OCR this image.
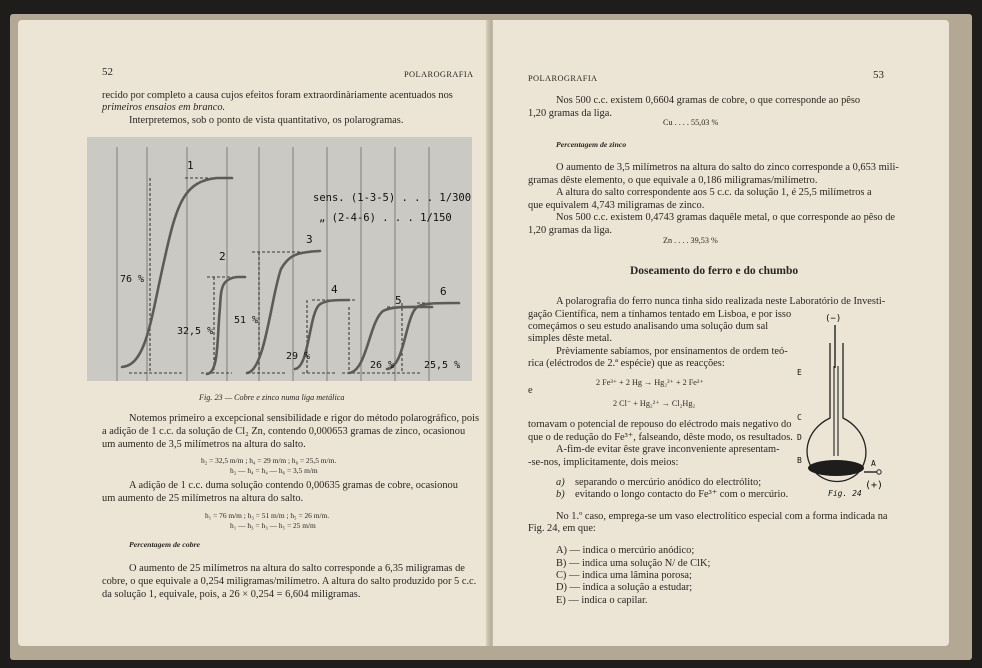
52	POLAROGRAFIA
recido por completo a causa cujos efeitos foram extraordinàriamente acentuados nos
primeiros ensaios em branco.
Interpretemos, sob o ponto de vista quantitativo, os polarogramas.
1
2
3
4
5
6
76 %
32,5 %
51 %
29 %
26 %	25,5 %
sens. (1-3-5) . . . 1/300
„ (2-4-6) . . . 1/150
Fig. 23 — Cobre e zinco numa liga metálica
Notemos primeiro a excepcional sensibilidade e rigor do método polarográfico, pois
a adição de 1 c.c. da solução de Cl₂ Zn, contendo 0,000653 gramas de zinco, ocasionou
um aumento de 3,5 milímetros na altura do salto.
h₂ = 32,5 m/m ; h₄ = 29 m/m ; h₆ = 25,5 m/m.
h₂ — h₄ = h₄ — h₆ = 3,5 m/m
A adição de 1 c.c. duma solução contendo 0,00635 gramas de cobre, ocasionou
um aumento de 25 milímetros na altura do salto.
h₁ = 76 m/m ; h₃ = 51 m/m ; h₅ = 26 m/m.
h₁ — h₃ = h₃ — h₅ = 25 m/m
Percentagem de cobre
O aumento de 25 milímetros na altura do salto corresponde a 6,35 miligramas de
cobre, o que equivale a 0,254 miligramas/milímetro. A altura do salto produzido por 5 c.c.
da solução 1, equivale, pois, a 26 × 0,254 = 6,604 miligramas.
POLAROGRAFIA	53
Nos 500 c.c. existem 0,6604 gramas de cobre, o que corresponde ao pêso
1,20 gramas da liga.
Cu . . . . 55,03 %
Percentagem de zinco
O aumento de 3,5 milímetros na altura do salto do zinco corresponde a 0,653 mili-
gramas dêste elemento, o que equivale a 0,186 miligramas/milímetro.
A altura do salto correspondente aos 5 c.c. da solução 1, é 25,5 milímetros a
que equivalem 4,743 miligramas de zinco.
Nos 500 c.c. existem 0,4743 gramas daquêle metal, o que corresponde ao pêso de
1,20 gramas da liga.
Zn . . . . 39,53 %
Doseamento do ferro e do chumbo
A polarografia do ferro nunca tinha sido realizada neste Laboratório de Investi-
gação Científica, nem a tínhamos tentado em Lisboa, e por isso
começámos o seu estudo analisando uma solução dum sal
simples dêste metal.
Prèviamente sabíamos, por ensinamentos de ordem teó-
rica (eléctrodos de 2.ª espécie) que as reacções:
2 Fe³⁺ + 2 Hg → Hg₂²⁺ + 2 Fe²⁺
e
2 Cl⁻ + Hg₂²⁺ → Cl₂Hg₂
tornavam o potencial de repouso do eléctrodo mais negativo do
que o de redução do Fe³⁺, falseando, dêste modo, os resultados.
A-fim-de evitar êste grave inconveniente apresentam-
-se-nos, implicitamente, dois meios:
a) separando o mercúrio anódico do electrólito;
b) evitando o longo contacto do Fe³⁺ com o mercúrio.
No 1.º caso, emprega-se um vaso electrolítico especial com a forma indicada na
Fig. 24, em que:
A) — indica o mercúrio anódico;
B) — indica uma solução N/ de ClK;
C) — indica uma lâmina porosa;
D) — indica a solução a estudar;
E) — indica o capilar.
(−)
E
C
D
B	A
(+)
Fig. 24
